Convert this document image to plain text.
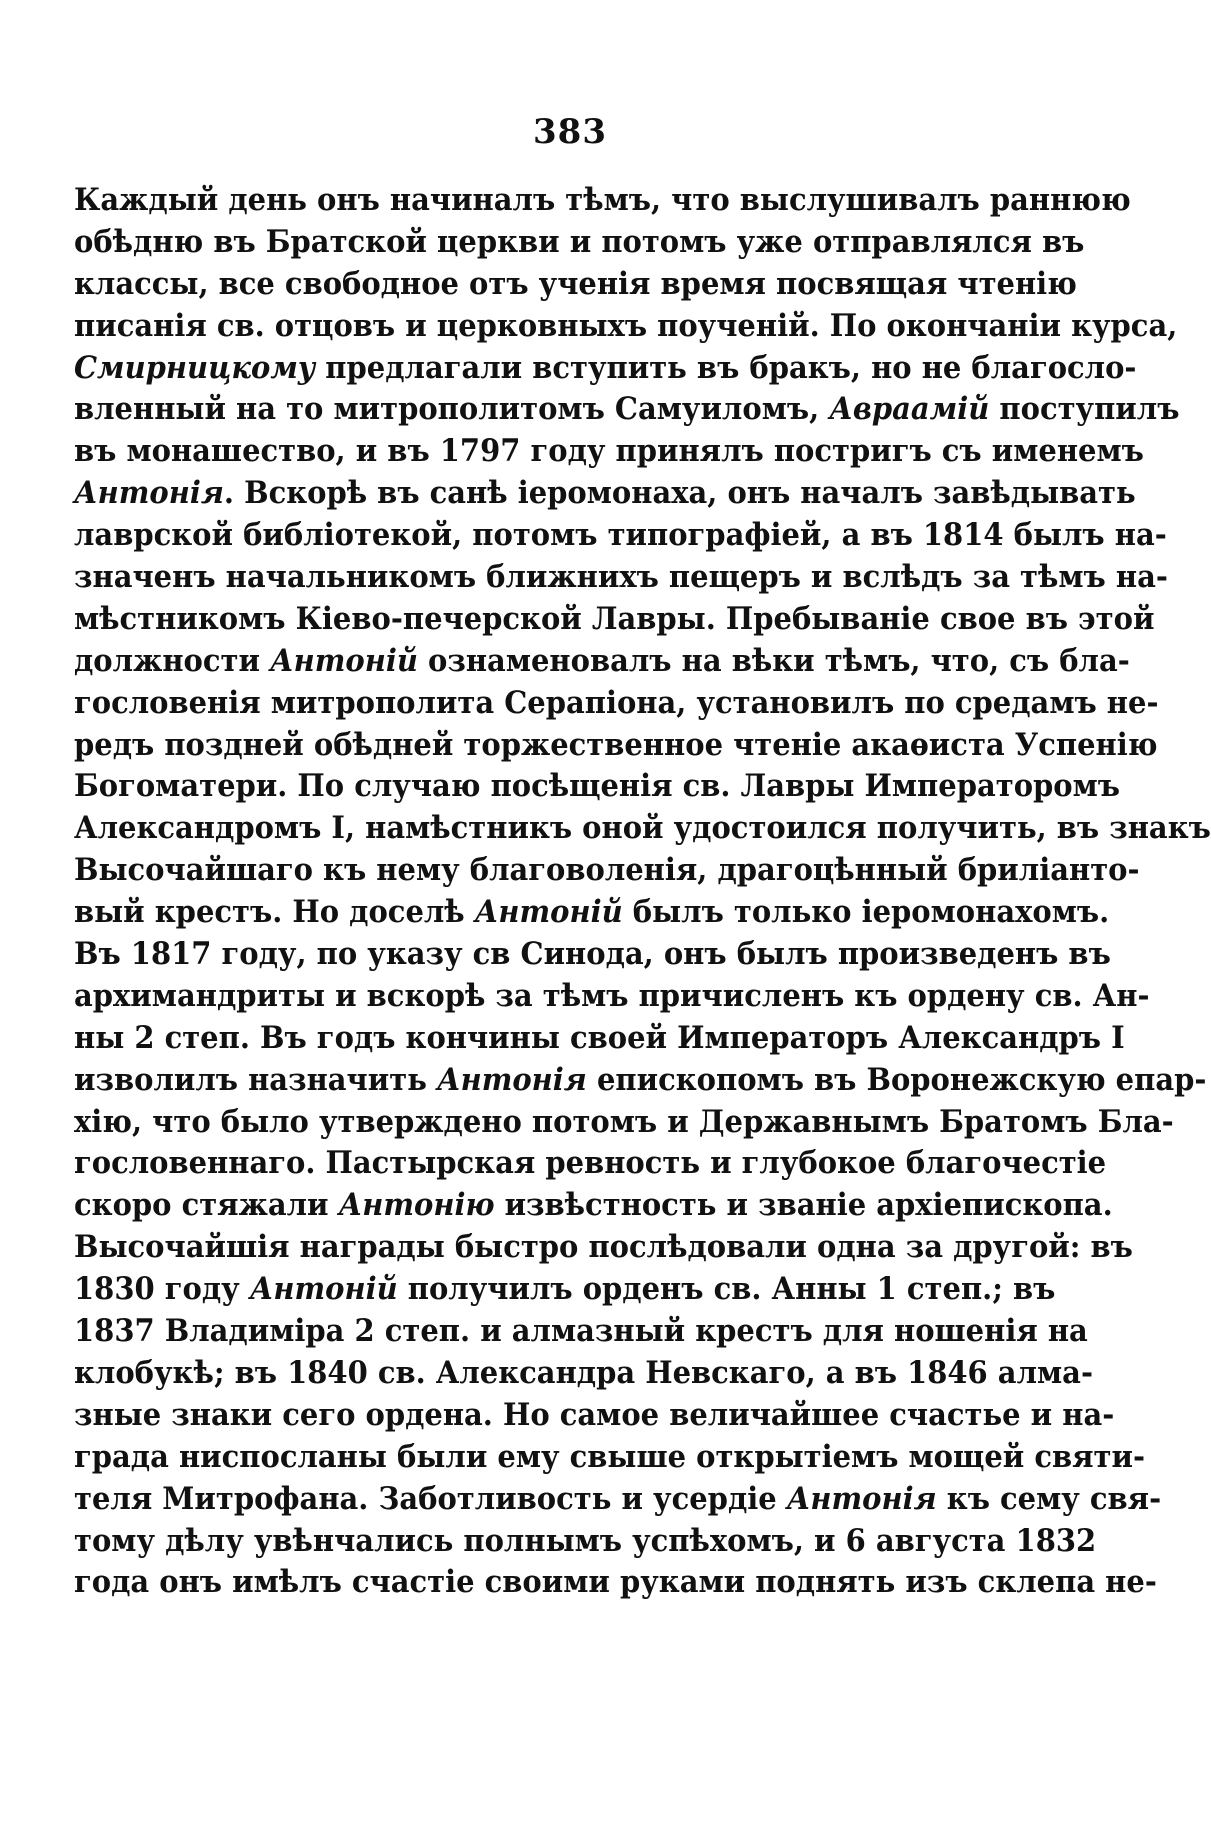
383
Каждый день онъ начиналъ тѣмъ, что выслушивалъ раннюю
обѣдню въ Братской церкви и потомъ уже отправлялся въ
классы, все свободное отъ ученія время посвящая чтенію
писанія св. отцовъ и церковныхъ поученій. По окончаніи курса,
Смирницкому предлагали вступить въ бракъ, но не благосло-
вленный на то митрополитомъ Самуиломъ, Авраамій поступилъ
въ монашество, и въ 1797 году принялъ постригъ съ именемъ
Антонія. Вскорѣ въ санѣ іеромонаха, онъ началъ завѣдывать
лаврской библіотекой, потомъ типографіей, а въ 1814 былъ на-
значенъ начальникомъ ближнихъ пещеръ и вслѣдъ за тѣмъ на-
мѣстникомъ Кіево-печерской Лавры. Пребываніе свое въ этой
должности Антоній ознаменовалъ на вѣки тѣмъ, что, съ бла-
гословенія митрополита Серапіона, установилъ по средамъ не-
редъ поздней обѣдней торжественное чтеніе акаѳиста Успенію
Богоматери. По случаю посѣщенія св. Лавры Императоромъ
Александромъ I, намѣстникъ оной удостоился получить, въ знакъ
Высочайшаго къ нему благоволенія, драгоцѣнный бриліанто-
вый крестъ. Но доселѣ Антоній былъ только іеромонахомъ.
Въ 1817 году, по указу св Синода, онъ былъ произведенъ въ
архимандриты и вскорѣ за тѣмъ причисленъ къ ордену св. Ан-
ны 2 степ. Въ годъ кончины своей Императоръ Александръ I
изволилъ назначить Антонія епископомъ въ Воронежскую епар-
хію, что было утверждено потомъ и Державнымъ Братомъ Бла-
гословеннаго. Пастырская ревность и глубокое благочестіе
скоро стяжали Антонію извѣстность и званіе архіепископа.
Высочайшія награды быстро послѣдовали одна за другой: въ
1830 году Антоній получилъ орденъ св. Анны 1 степ.; въ
1837 Владиміра 2 степ. и алмазный крестъ для ношенія на
клобукѣ; въ 1840 св. Александра Невскаго, а въ 1846 алма-
зные знаки сего ордена. Но самое величайшее счастье и на-
града ниспосланы были ему свыше открытіемъ мощей святи-
теля Митрофана. Заботливость и усердіе Антонія къ сему свя-
тому дѣлу увѣнчались полнымъ успѣхомъ, и 6 августа 1832
года онъ имѣлъ счастіе своими руками поднять изъ склепа не-
